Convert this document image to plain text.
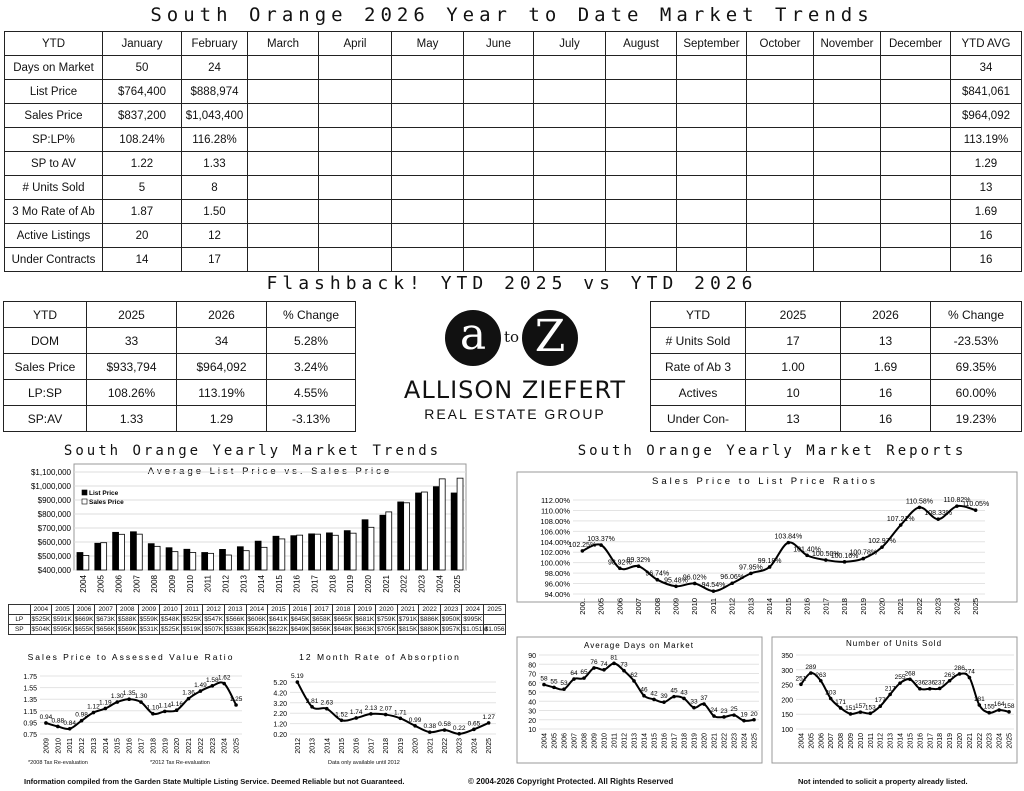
South Orange 2026 Year to Date Market Trends
YTD	January	February	March	April	May	June	July	August	September	October	November	December	YTD AVG
Days on Market	50	24											34
List Price	$764,400	$888,974											$841,061
Sales Price	$837,200	$1,043,400											$964,092
SP:LP%	108.24%	116.28%											113.19%
SP to AV	1.22	1.33											1.29
# Units Sold	5	8											13
3 Mo Rate of Ab	1.87	1.50											1.69
Active Listings	20	12											16
Under Contracts	14	17											16
Flashback! YTD 2025 vs YTD 2026
YTD	2025	2026	% Change
DOM	33	34	5.28%
Sales Price	$933,794	$964,092	3.24%
LP:SP	108.26%	113.19%	4.55%
SP:AV	1.33	1.29	-3.13%
YTD	2025	2026	% Change
# Units Sold	17	13	-23.53%
Rate of Ab 3	1.00	1.69	69.35%
Actives	10	16	60.00%
Under Con-	13	16	19.23%
a	to Z
ALLISON ZIEFERT
REAL ESTATE GROUP
South Orange Yearly Market Trends	South Orange Yearly Market Reports
Average List Price vs. Sales Price
$400,000
$500,000
$600,000
$700,000
$800,000
$900,000
$1,000,000
$1,100,000
2004 2005 2006 2007 2008 2009 2010 2011 2012 2013 2014 2015 2016 2017 2018 2019 2020 2021 2022 2023 2024 2025
List Price
Sales Price
Sales Price to List Price Ratios
94.00%
96.00%
98.00%
100.00%
102.00%
104.00%
106.00%
108.00%
110.00%
112.00%
102.25%
103.37%
98.92%
99.32%
96.74%
95.48%
96.02%
94.54%
96.06%
97.95%
99.18%
103.84%
101.40%
100.50%
100.16%
100.78%
102.97%
107.21%
110.58%
108.33%
110.82%
110.05%
200.. 2005 2006 2007 2008 2009 2010 2011 2012 2013 2014 2015 2016 2017 2018 2019 2020 2021 2022 2023 2024 2025
Sales Price to Assessed Value Ratio
0.75
0.95
1.15
1.35
1.55
1.75
0.94 0.88 0.84
0.98
1.12
1.19
1.30 1.35 1.30
1.10 1.14 1.16
1.36
1.49
1.58 1.62
1.25
2009 2010 2011 2012 2013 2014 2015 2016 2017 2018 2019 2020 2021 2022 2023 2024 2025
12 Month Rate of Absorption
0.20
1.20
2.20
3.20
4.20
5.20
5.19
2.81 2.63
1.52 1.74
2.13 2.07
1.71
0.99
0.38 0.58
0.22
0.65
1.27
2012 2013 2014 2015 2016 2017 2018 2019 2020 2021 2022 2023 2024 2025
Average Days on Market
10
20
30
40
50
60
70
80
90
58 55 53
64 65
76 74
81
73
62
46
42 39
45 43
33
37
24 23 25
19 20
2004 2005 2006 2007 2008 2009 2010 2011 2012 2013 2014 2015 2016 2017 2018 2019 2020 2021 2022 2023 2024 2025
Number of Units Sold
100
150
200
250
300
350
251
289
263
203
171
151 157 153
177
217
255
268
236 236 237
263
286
274
181
155 164 158
2004 2005 2006 2007 2008 2009 2010 2011 2012 2013 2014 2015 2016 2017 2018 2019 2020 2021 2022 2023 2024 2025
	2004	2005	2006	2007	2008	2009	2010	2011	2012	2013	2014	2015	2016	2017	2018	2019	2020	2021	2022	2023	2024	2025
LP	$525K	$591K	$669K	$673K	$588K	$559K	$548K	$525K	$547K	$566K	$606K	$641K	$645K	$658K	$665K	$681K	$759K	$791K	$886K	$950K	$995K	
SP	$504K	$595K	$655K	$656K	$569K	$531K	$525K	$519K	$507K	$538K	$562K	$622K	$649K	$656K	$648K	$663K	$705K	$815K	$880K	$957K	$1.051M	$1.056
*2008 Tax Re-evaluation	*2012 Tax Re-evaluation	Data only available until 2012
Information compiled from the Garden State Multiple Listing Service. Deemed Reliable but not Guaranteed.	© 2004-2026 Copyright Protected. All Rights Reserved	Not intended to solicit a property already listed.
